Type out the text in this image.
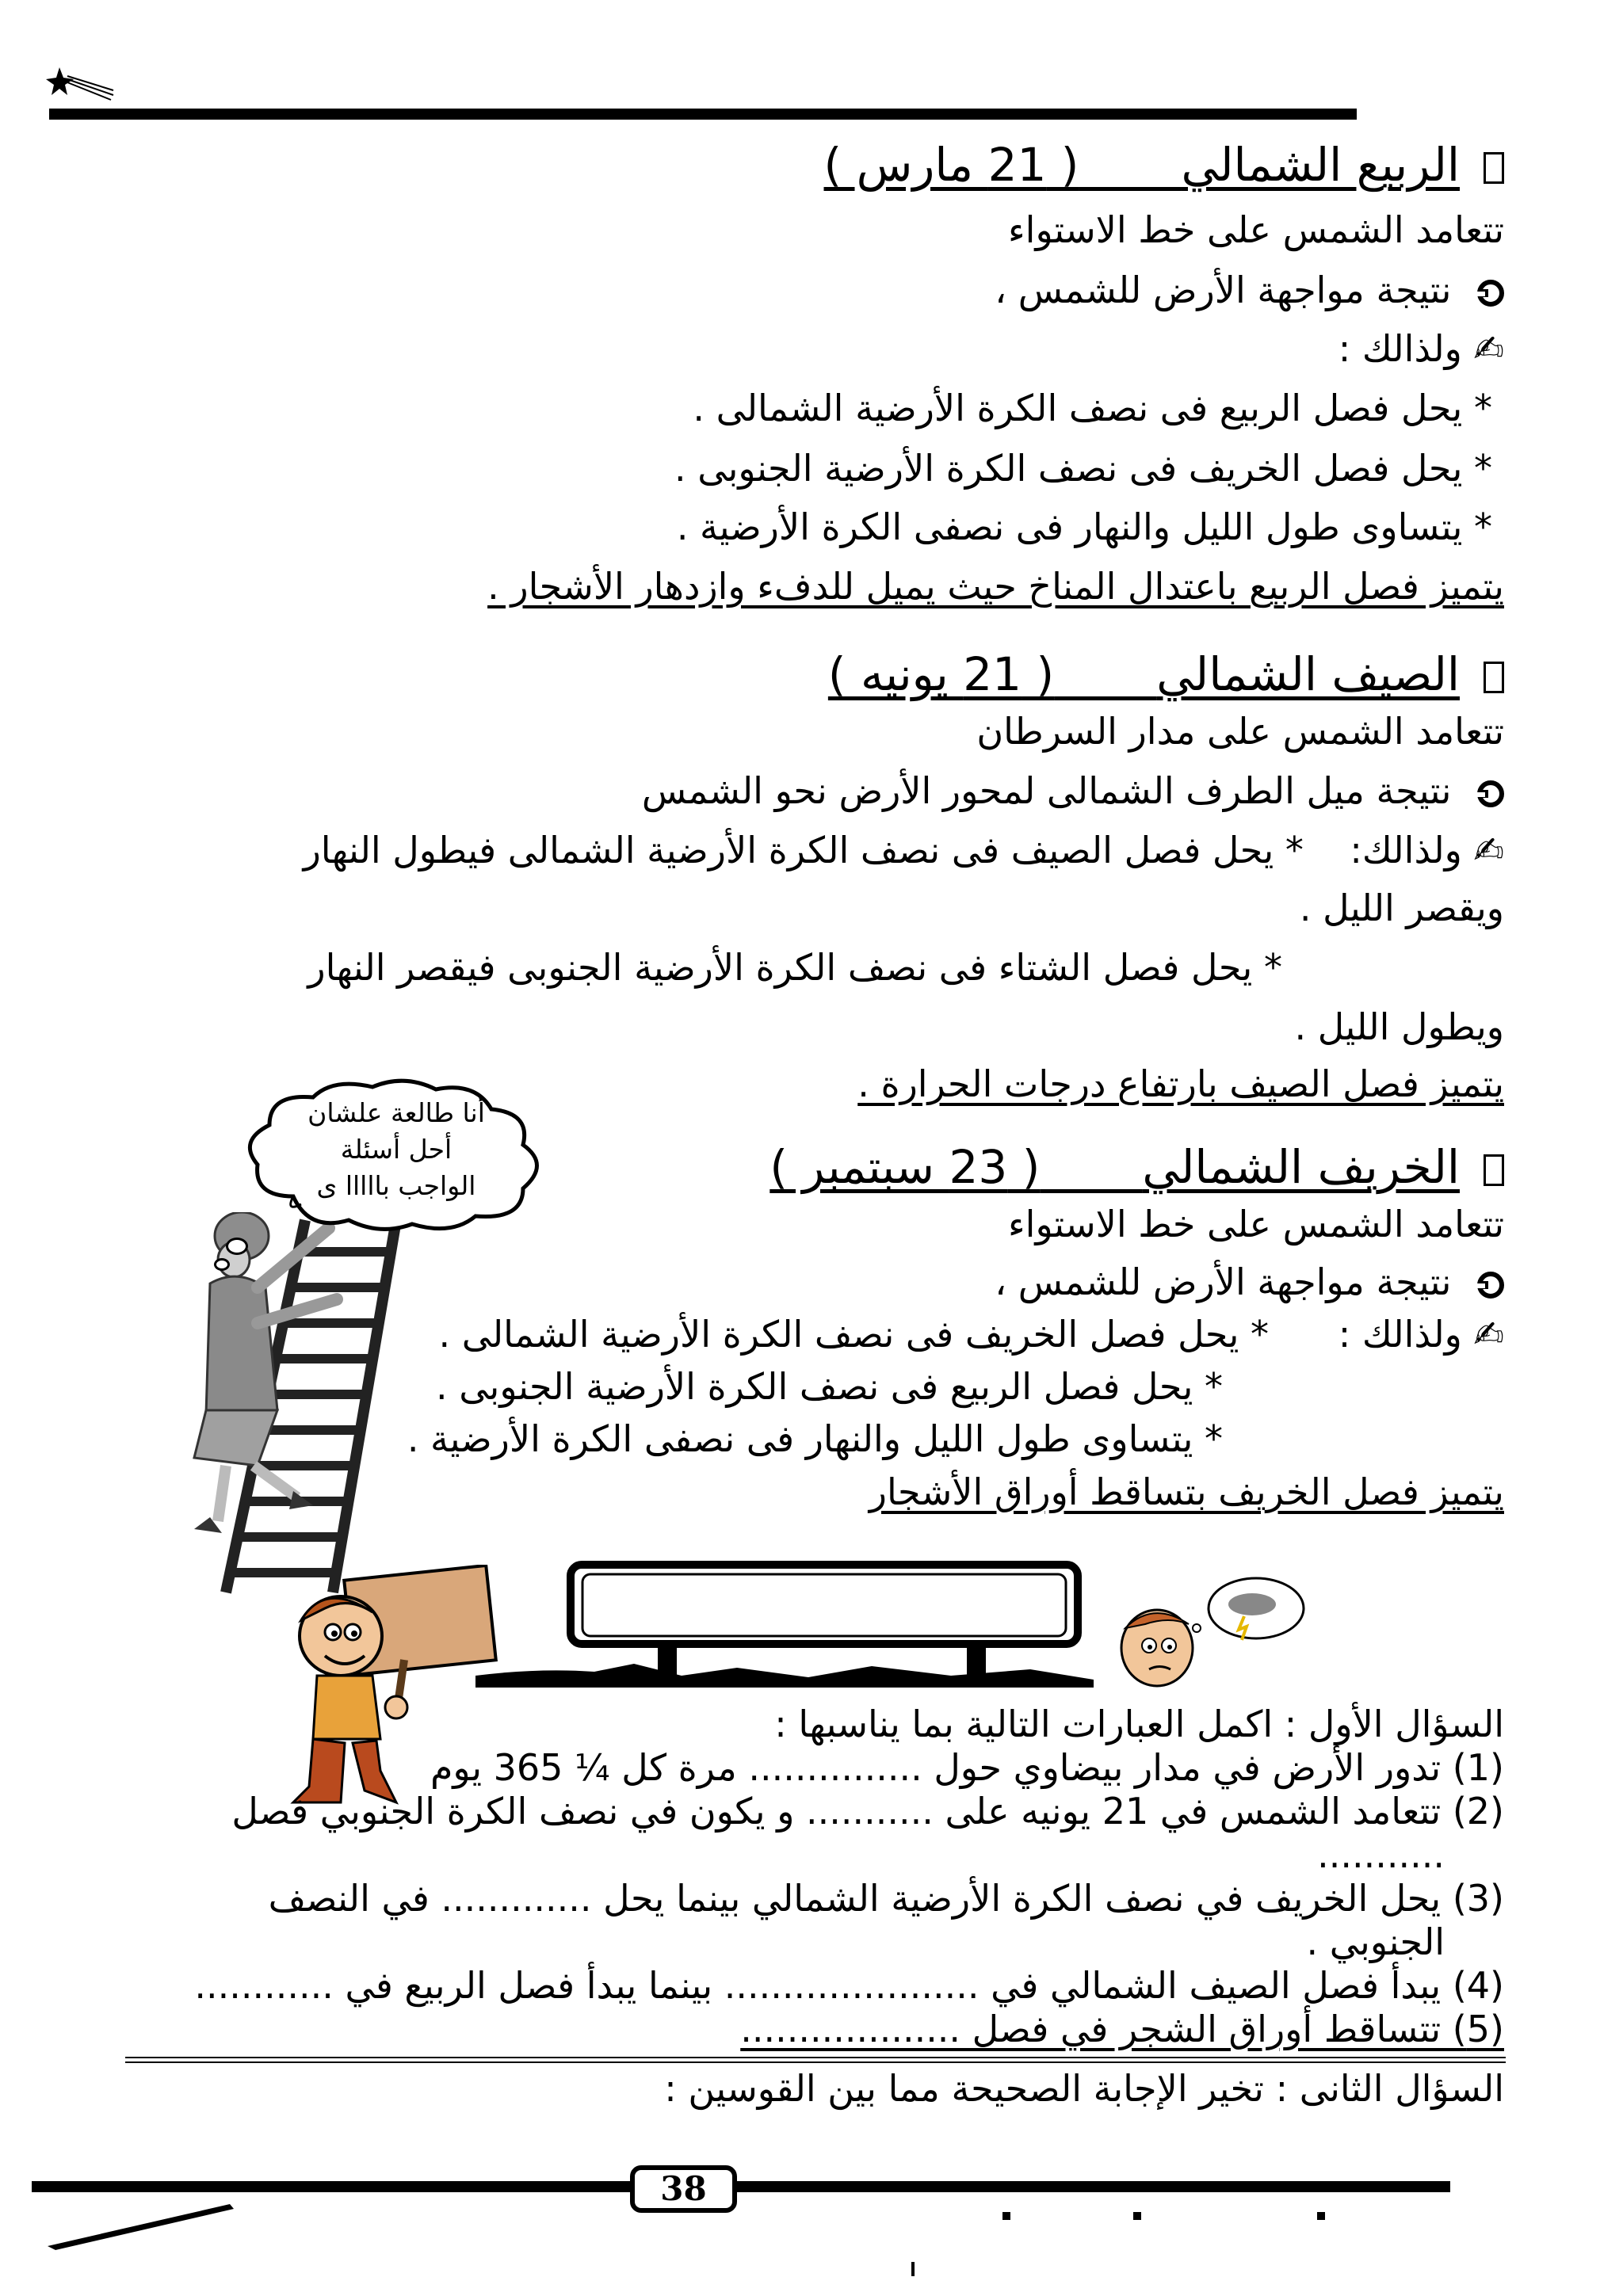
الربيع الشمالي       ( 21 مارس )
تتعامد الشمس على خط الاستواء
نتيجة مواجهة الأرض للشمس ،
✍ ولذالك :
* يحل فصل الربيع فى نصف الكرة الأرضية الشمالى .
* يحل فصل الخريف فى نصف الكرة الأرضية الجنوبى .
* يتساوى طول الليل والنهار فى نصفى الكرة الأرضية .
يتميز فصل الربيع باعتدال المناخ حيث يميل للدفء وازدهار الأشجار .
الصيف الشمالي       ( 21 يونيه )
تتعامد الشمس على مدار السرطان
نتيجة ميل الطرف الشمالى لمحور الأرض نحو الشمس
✍ ولذالك:    * يحل فصل الصيف فى نصف الكرة الأرضية الشمالى فيطول النهار
ويقصر الليل .
* يحل فصل الشتاء فى نصف الكرة الأرضية الجنوبى فيقصر النهار
ويطول الليل .
يتميز فصل الصيف بارتفاع درجات الحرارة .
الخريف الشمالي       ( 23 سبتمبر )
تتعامد الشمس على خط الاستواء
نتيجة مواجهة الأرض للشمس ،
✍ ولذالك :      * يحل فصل الخريف فى نصف الكرة الأرضية الشمالى .
* يحل فصل الربيع فى نصف الكرة الأرضية الجنوبى .
* يتساوى طول الليل والنهار فى نصفى الكرة الأرضية .
يتميز فصل الخريف بتساقط أوراق الأشجار
أنا طالعة علشان
أحل أسئلة
الواجب بااااا ى
السؤال الأول : اكمل العبارات التالية بما يناسبها :
(1) تدور الأرض في مدار بيضاوي حول ............... مرة كل ¼ 365 يوم
(2) تتعامد الشمس في 21 يونيه على ........... و يكون في نصف الكرة الجنوبي فصل
...........
(3) يحل الخريف في نصف الكرة الأرضية الشمالي بينما يحل ............. في النصف
الجنوبي .
(4) يبدأ فصل الصيف الشمالي في ...................... بينما يبدأ فصل الربيع في ............
(5) تتساقط أوراق الشجر في فصل ...................
السؤال الثانى : تخير الإجابة الصحيحة مما بين القوسين :
38
